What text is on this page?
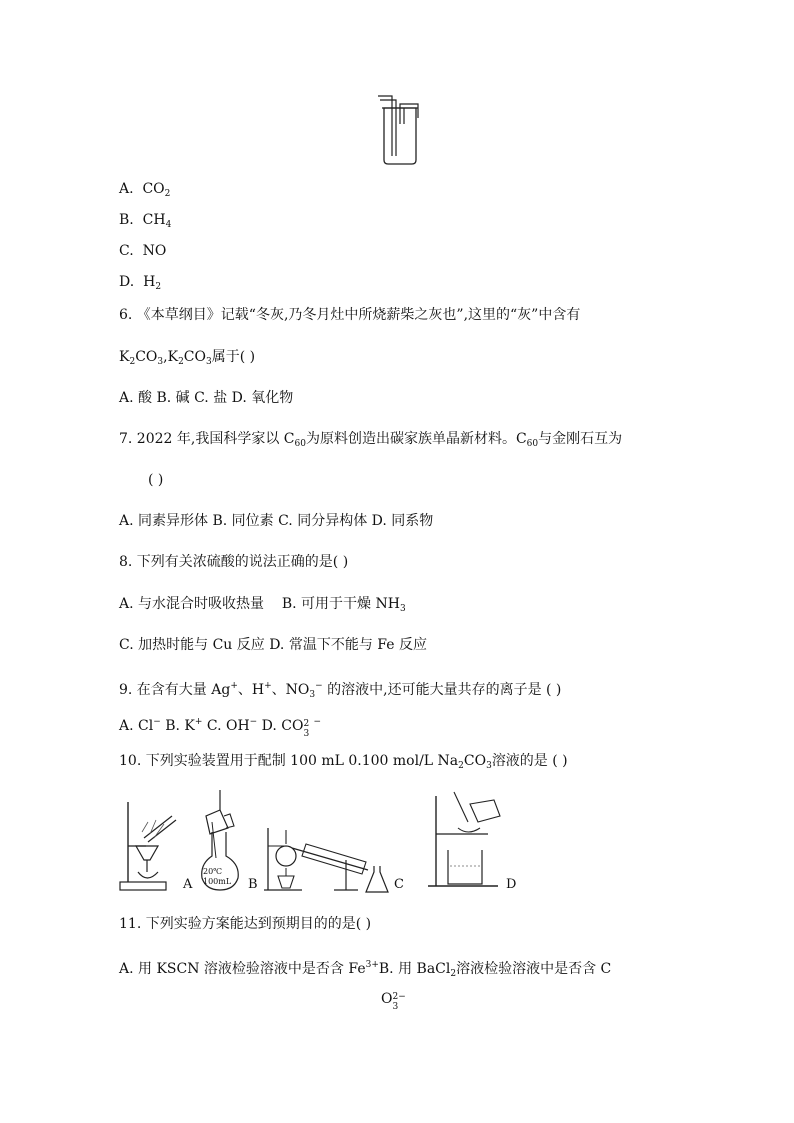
A. $CO_2$
B. $CH_4$
C. NO
D. $H_2$
6. 《本草纲目》记载“冬灰,乃冬月灶中所烧薪柴之灰也”,这里的“灰”中含有
$K_2CO_3,K_2CO_3$属于( )
A. 酸 B. 碱 C. 盐 D. 氧化物
7. 2022 年,我国科学家以 $C_{60}$为原料创造出碳家族单晶新材料。$C_{60}$与金刚石互为
( )
A. 同素异形体 B. 同位素 C. 同分异构体 D. 同系物
8. 下列有关浓硫酸的说法正确的是( )
A. 与水混合时吸收热量 B. 可用于干燥 $NH_3$
C. 加热时能与 Cu 反应 D. 常温下不能与 Fe 反应
9. 在含有大量 Ag+、H+、$NO_3^-$ 的溶液中,还可能大量共存的离子是 ( )
A. Cl− B. K+ C. OH− D. CO 2
3
−
10. 下列实验装置用于配制 100 mL 0.100 mol/L $Na_2CO_3$溶液的是 ( )
A
20℃
100mL B	C	D
11. 下列实验方案能达到预期目的的是( )
A. 用 KSCN 溶液检验溶液中是否含 $Fe^{3+}B$. 用 BaCl$_2$溶液检验溶液中是否含 C
O 2−
3
